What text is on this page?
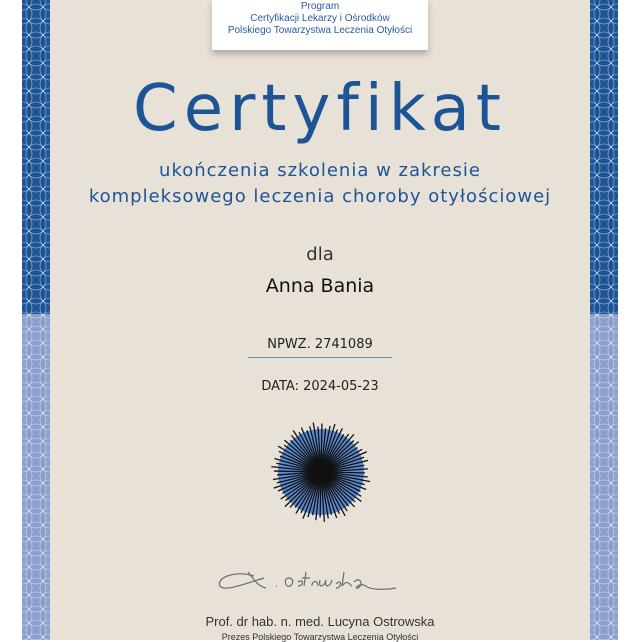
Program
Certyfikacji Lekarzy i Ośrodków
Polskiego Towarzystwa Leczenia Otyłości
Certyfikat
ukończenia szkolenia w zakresie
kompleksowego leczenia choroby otyłościowej
dla
Anna Bania
NPWZ. 2741089
DATA: 2024-05-23
Prof. dr hab. n. med. Lucyna Ostrowska
Prezes Polskiego Towarzystwa Leczenia Otyłości
